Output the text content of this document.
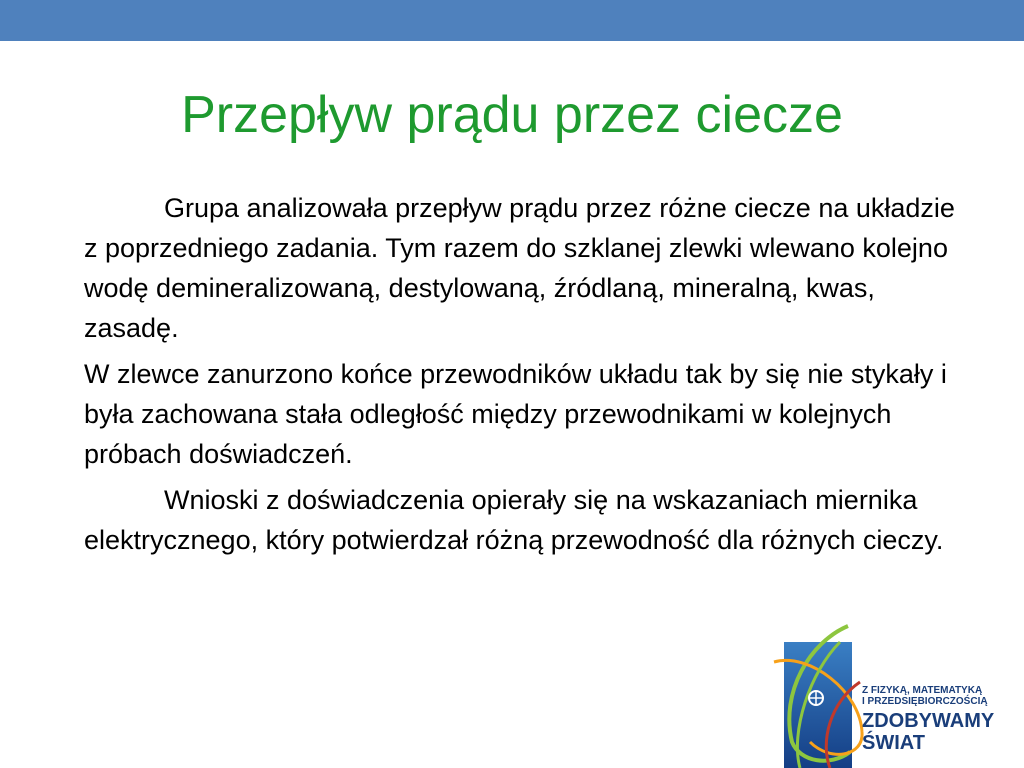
Przepływ prądu przez ciecze

Grupa analizowała przepływ prądu przez różne ciecze na układzie z poprzedniego zadania. Tym razem do szklanej zlewki wlewano kolejno wodę demineralizowaną, destylowaną, źródlaną, mineralną, kwas, zasadę.

W zlewce zanurzono końce przewodników układu tak by się nie stykały i była zachowana stała odległość między przewodnikami w kolejnych próbach doświadczeń.

Wnioski z doświadczenia opierały się na wskazaniach miernika elektrycznego, który potwierdzał różną przewodność dla różnych cieczy.

Z FIZYKĄ, MATEMATYKĄ
I PRZEDSIĘBIORCZOŚCIĄ
ZDOBYWAMY
ŚWIAT
